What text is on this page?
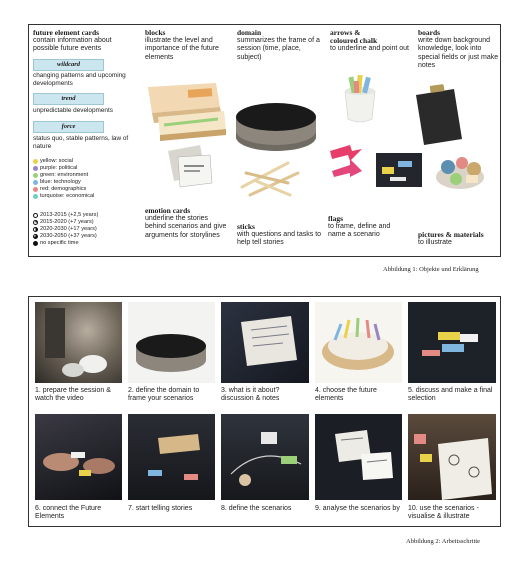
future element cards
contain information about possible future events
wildcard
changing patterns and upcoming developments
trend
unpredictable developments
force
status quo, stable patterns, law of nature
yellow: social
purple: political
green: environment
blue: technology
red: demographics
turquoise: economical
2013-2015 (+2,5 years)
2015-2020 (+7 years)
2020-2030 (+17 years)
2030-2050 (+37 years)
no specific time
blocks
illustrate the level and importance of the future elements
domain
summarizes the frame of a session (time, place, subject)
arrows &
coloured chalk
to underline and point out
boards
write down background knowledge, look into special fields or just make notes
emotion cards
underline the stories behind scenarios and give arguments for storylines
sticks
with questions and tasks to help tell stories
flags
to frame, define and name a scenario	pictures & materials
to illustrate
Abbildung 1: Objekte und Erklärung
1. prepare the session & watch the video
2. define the domain to frame your scenarios
3. what is it about? discussion & notes
4. choose the future elements
5. discuss and make a final selection
6. connect the Future Elements
7. start telling stories	8. define the scenarios	9. analyse the scenarios by	10. use the scenarios - visualise & illustrate
Abbildung 2: Arbeitsschritte
